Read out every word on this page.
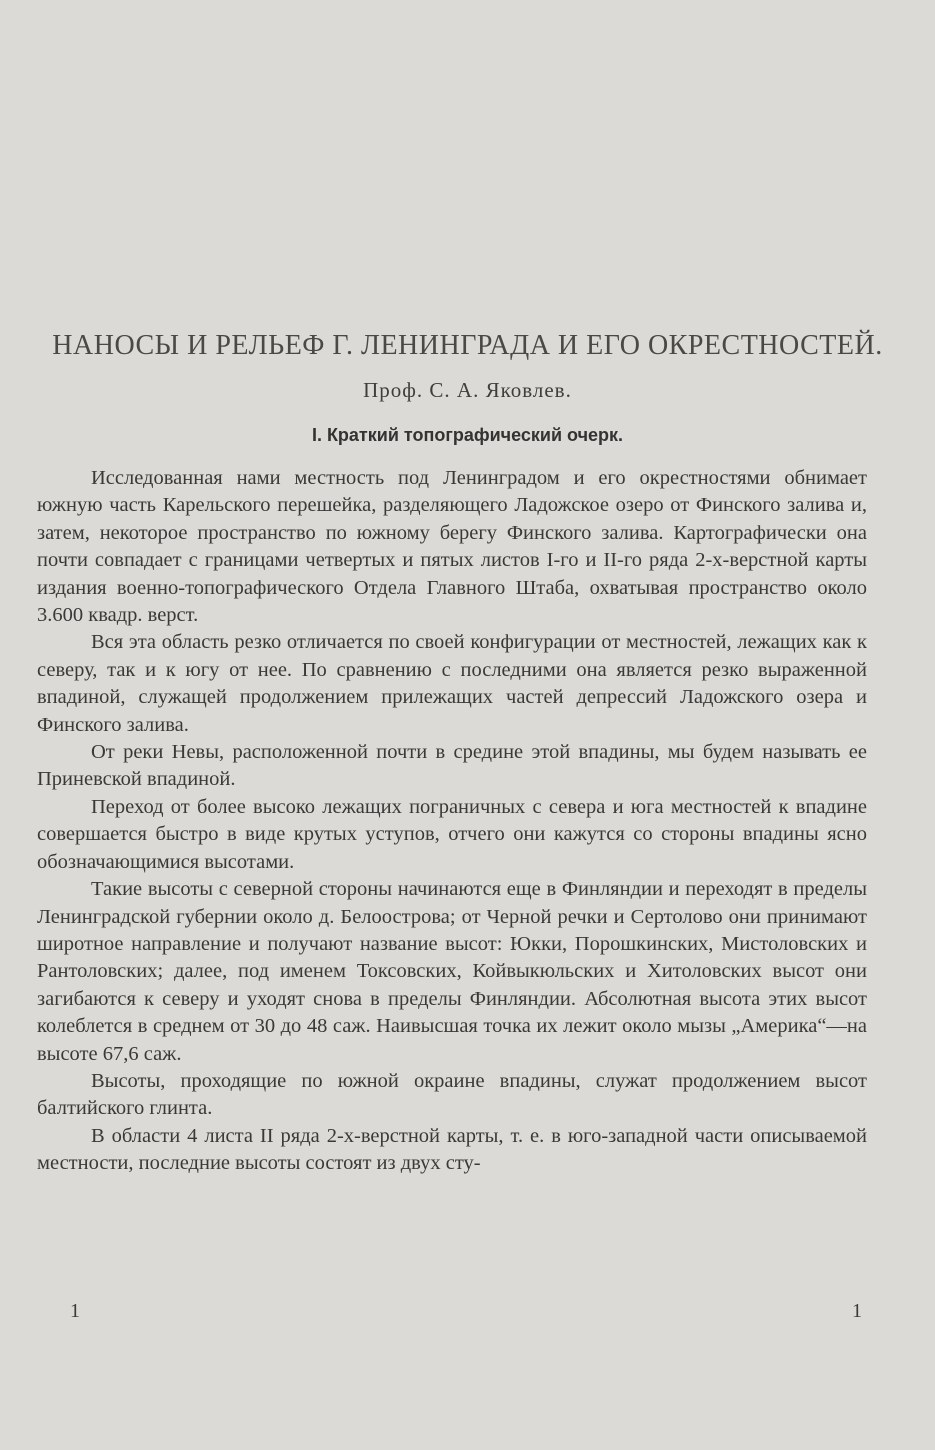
НАНОСЫ И РЕЛЬЕФ Г. ЛЕНИНГРАДА И ЕГО ОКРЕСТНОСТЕЙ.
Проф. С. А. Яковлев.
I. Краткий топографический очерк.

Исследованная нами местность под Ленинградом и его окрестностями обнимает южную часть Карельского перешейка, разделяющего Ладожское озеро от Финского залива и, затем, некоторое пространство по южному берегу Финского залива. Картографически она почти совпадает с границами четвертых и пятых листов I-го и II-го ряда 2-х-верстной карты издания военно-топографического Отдела Главного Штаба, охватывая пространство около 3.600 квадр. верст.

Вся эта область резко отличается по своей конфигурации от местностей, лежащих как к северу, так и к югу от нее. По сравнению с последними она является резко выраженной впадиной, служащей продолжением прилежащих частей депрессий Ладожского озера и Финского залива.

От реки Невы, расположенной почти в средине этой впадины, мы будем называть ее Приневской впадиной.

Переход от более высоко лежащих пограничных с севера и юга местностей к впадине совершается быстро в виде крутых уступов, отчего они кажутся со стороны впадины ясно обозначающимися высотами.

Такие высоты с северной стороны начинаются еще в Финляндии и переходят в пределы Ленинградской губернии около д. Белоострова; от Черной речки и Сертолово они принимают широтное направление и получают название высот: Юкки, Порошкинских, Мистоловских и Рантоловских; далее, под именем Токсовских, Койвыкюльских и Хитоловских высот они загибаются к северу и уходят снова в пределы Финляндии. Абсолютная высота этих высот колеблется в среднем от 30 до 48 саж. Наивысшая точка их лежит около мызы „Америка“—на высоте 67,6 саж.

Высоты, проходящие по южной окраине впадины, служат продолжением высот балтийского глинта.

В области 4 листа II ряда 2-х-верстной карты, т. е. в юго-западной части описываемой местности, последние высоты состоят из двух сту-

1	1
